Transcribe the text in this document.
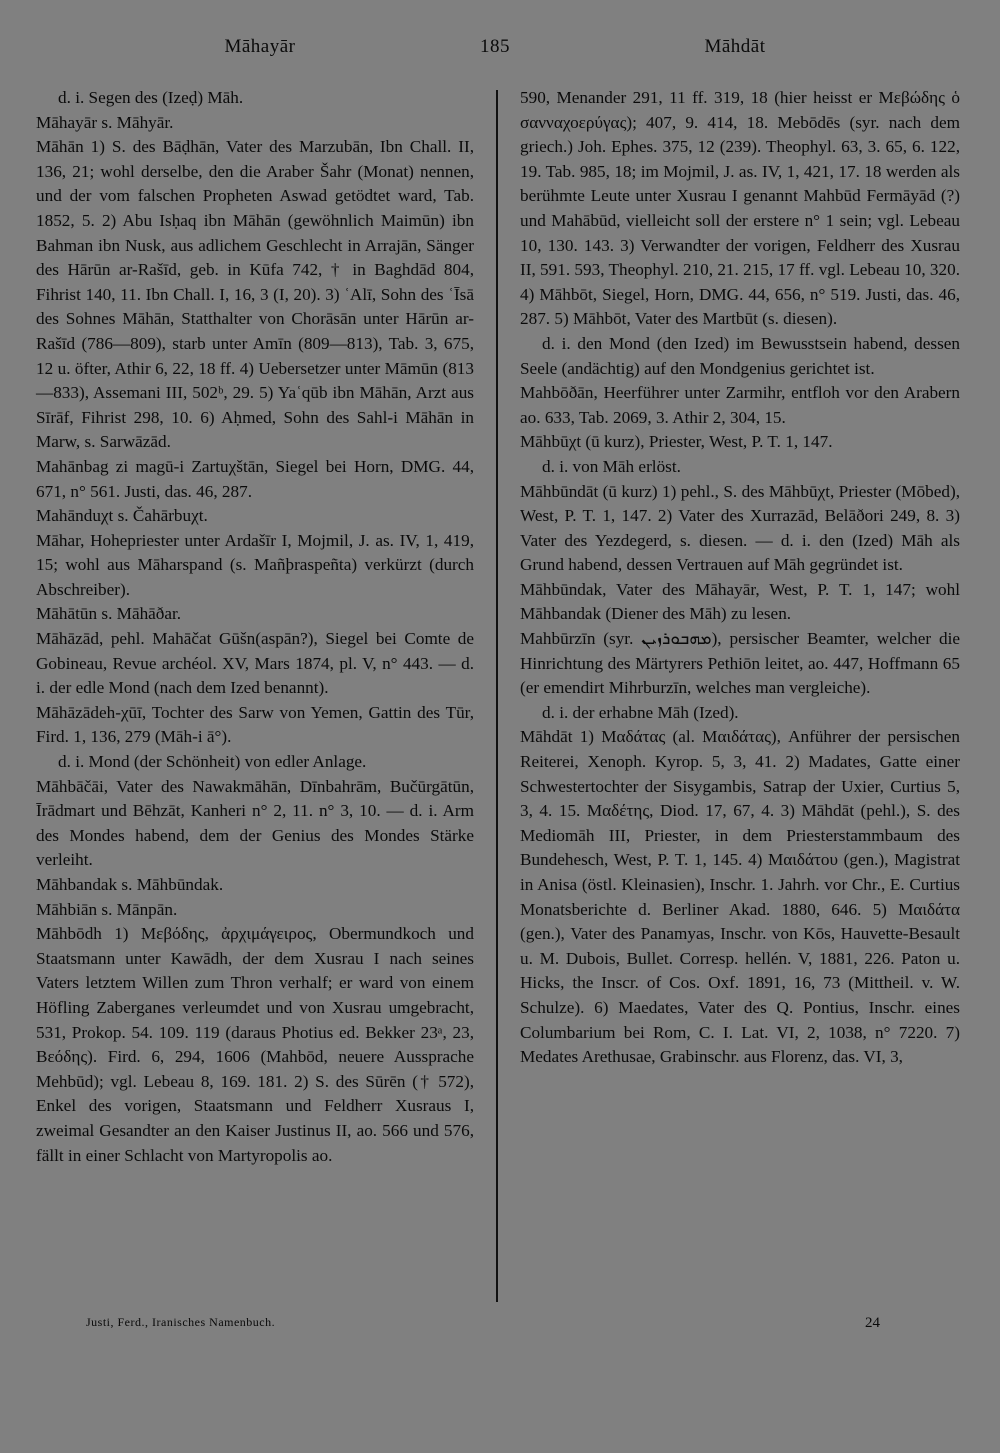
Māhayār	185	Māhdāt

d. i. Segen des (Izeḍ) Māh.

Māhayār s. Māhyār.

Māhān 1) S. des Bāḍhān, Vater des Marzubān, Ibn Chall. II, 136, 21; wohl derselbe, den die Araber Šahr (Monat) nennen, und der vom falschen Propheten Aswad getödtet ward, Tab. 1852, 5. 2) Abu Isḥaq ibn Māhān (gewöhnlich Maimūn) ibn Bahman ibn Nusk, aus adlichem Geschlecht in Arrajān, Sänger des Hārūn ar-Rašīd, geb. in Kūfa 742, † in Baghdād 804, Fihrist 140, 11. Ibn Chall. I, 16, 3 (I, 20). 3) ʿAlī, Sohn des ʿĪsā des Sohnes Māhān, Statthalter von Chorāsān unter Hārūn ar-Rašīd (786—809), starb unter Amīn (809—813), Tab. 3, 675, 12 u. öfter, Athir 6, 22, 18 ff. 4) Uebersetzer unter Māmūn (813—833), Assemani III, 502ᵇ, 29. 5) Yaʿqūb ibn Māhān, Arzt aus Sīrāf, Fihrist 298, 10. 6) Aḥmed, Sohn des Sahl-i Māhān in Marw, s. Sarwāzād.

Mahānbag zi magū-i Zartuχštān, Siegel bei Horn, DMG. 44, 671, n° 561. Justi, das. 46, 287.

Mahānduχt s. Čahārbuχt.

Māhar, Hohepriester unter Ardašīr I, Mojmil, J. as. IV, 1, 419, 15; wohl aus Māharspand (s. Mañϸraspeñta) verkürzt (durch Abschreiber).

Māhātūn s. Māhāðar.

Māhāzād, pehl. Mahāčat Gūšn(aspān?), Siegel bei Comte de Gobineau, Revue archéol. XV, Mars 1874, pl. V, n° 443. — d. i. der edle Mond (nach dem Ized benannt).

Māhāzādeh-χūī, Tochter des Sarw von Yemen, Gattin des Tūr, Fird. 1, 136, 279 (Māh-i ā°).

d. i. Mond (der Schönheit) von edler Anlage.

Māhbāčāi, Vater des Nawakmāhān, Dīnbahrām, Bučūrgātūn, Īrādmart und Bēhzāt, Kanheri n° 2, 11. n° 3, 10. — d. i. Arm des Mondes habend, dem der Genius des Mondes Stärke verleiht.

Māhbandak s. Māhbūndak.

Māhbiān s. Mānpān.

Māhbōdh 1) Μεβόδης, ἀρχιμάγειρος, Obermundkoch und Staatsmann unter Kawādh, der dem Xusrau I nach seines Vaters letztem Willen zum Thron verhalf; er ward von einem Höfling Zaberganes verleumdet und von Xusrau umgebracht, 531, Prokop. 54. 109. 119 (daraus Photius ed. Bekker 23ᵃ, 23, Βεόδης). Fird. 6, 294, 1606 (Mahbōd, neuere Aussprache Mehbūd); vgl. Lebeau 8, 169. 181. 2) S. des Sūrēn († 572), Enkel des vorigen, Staatsmann und Feldherr Xusraus I, zweimal Gesandter an den Kaiser Justinus II, ao. 566 und 576, fällt in einer Schlacht von Martyropolis ao.

590, Menander 291, 11 ff. 319, 18 (hier heisst er Μεβώδης ὁ σανναχοερύγας); 407, 9. 414, 18. Mebōdēs (syr. nach dem griech.) Joh. Ephes. 375, 12 (239). Theophyl. 63, 3. 65, 6. 122, 19. Tab. 985, 18; im Mojmil, J. as. IV, 1, 421, 17. 18 werden als berühmte Leute unter Xusrau I genannt Mahbūd Fermāyād (?) und Mahābūd, vielleicht soll der erstere n° 1 sein; vgl. Lebeau 10, 130. 143. 3) Verwandter der vorigen, Feldherr des Xusrau II, 591. 593, Theophyl. 210, 21. 215, 17 ff. vgl. Lebeau 10, 320. 4) Māhbōt, Siegel, Horn, DMG. 44, 656, n° 519. Justi, das. 46, 287. 5) Māhbōt, Vater des Martbūt (s. diesen).

d. i. den Mond (den Ized) im Bewusstsein habend, dessen Seele (andächtig) auf den Mondgenius gerichtet ist.

Mahbōðān, Heerführer unter Zarmihr, entfloh vor den Arabern ao. 633, Tab. 2069, 3. Athir 2, 304, 15.

Māhbūχt (ū kurz), Priester, West, P. T. 1, 147.

d. i. von Māh erlöst.

Māhbūndāt (ū kurz) 1) pehl., S. des Māhbūχt, Priester (Mōbed), West, P. T. 1, 147. 2) Vater des Xurrazād, Belāðori 249, 8. 3) Vater des Yezdegerd, s. diesen. — d. i. den (Ized) Māh als Grund habend, dessen Vertrauen auf Māh gegründet ist.

Māhbūndak, Vater des Māhayār, West, P. T. 1, 147; wohl Māhbandak (Diener des Māh) zu lesen.

Mahbūrzīn (syr. ܡܗܒܘܪܙܝܢ), persischer Beamter, welcher die Hinrichtung des Märtyrers Pethiōn leitet, ao. 447, Hoffmann 65 (er emendirt Mihrburzīn, welches man vergleiche).

d. i. der erhabne Māh (Ized).

Māhdāt 1) Μαδάτας (al. Μαιδάτας), Anführer der persischen Reiterei, Xenoph. Kyrop. 5, 3, 41. 2) Madates, Gatte einer Schwestertochter der Sisygambis, Satrap der Uxier, Curtius 5, 3, 4. 15. Μαδέτης, Diod. 17, 67, 4. 3) Māhdāt (pehl.), S. des Mediomāh III, Priester, in dem Priesterstammbaum des Bundehesch, West, P. T. 1, 145. 4) Μαιδάτου (gen.), Magistrat in Anisa (östl. Kleinasien), Inschr. 1. Jahrh. vor Chr., E. Curtius Monatsberichte d. Berliner Akad. 1880, 646. 5) Μαιδάτα (gen.), Vater des Panamyas, Inschr. von Kōs, Hauvette-Besault u. M. Dubois, Bullet. Corresp. hellén. V, 1881, 226. Paton u. Hicks, the Inscr. of Cos. Oxf. 1891, 16, 73 (Mittheil. v. W. Schulze). 6) Maedates, Vater des Q. Pontius, Inschr. eines Columbarium bei Rom, C. I. Lat. VI, 2, 1038, n° 7220. 7) Medates Arethusae, Grabinschr. aus Florenz, das. VI, 3,

Justi, Ferd., Iranisches Namenbuch.	24
